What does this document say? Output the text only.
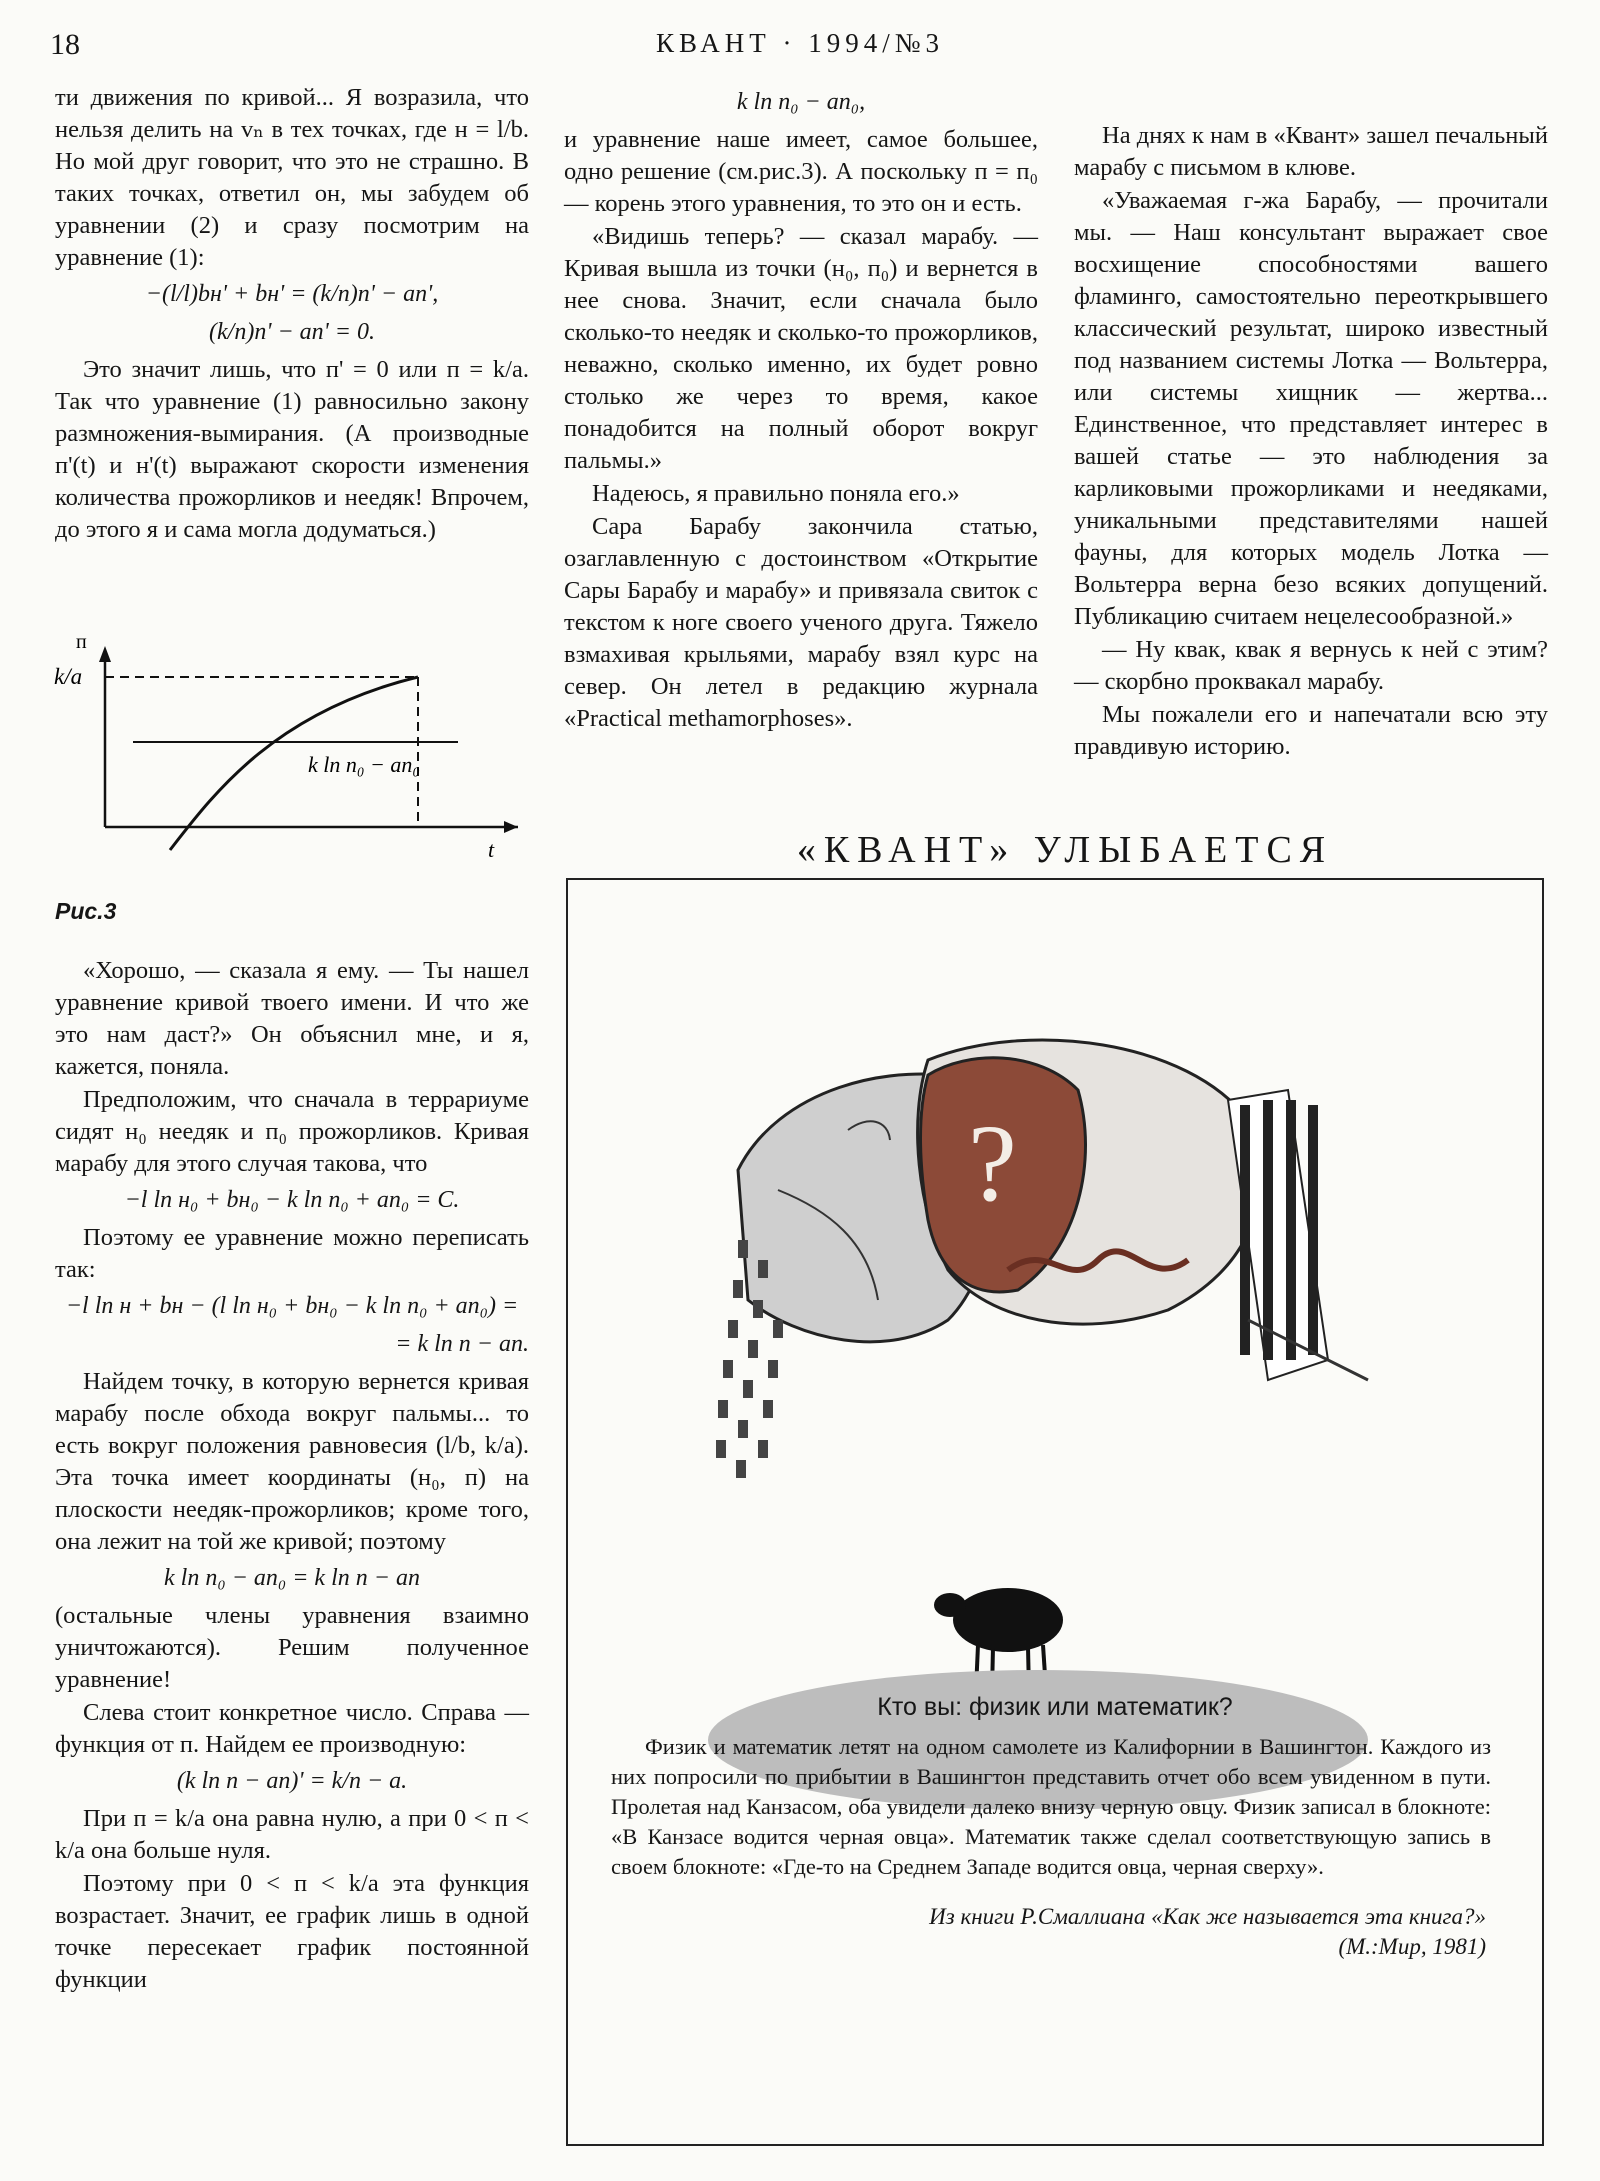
18	КВАНТ · 1994/№3

ти движения по кривой... Я возразила, что нельзя делить на vₙ в тех точках, где н = l/b. Но мой друг говорит, что это не страшно. В таких точках, ответил он, мы забудем об уравнении (2) и сразу посмотрим на уравнение (1):

−(l/l)bн' + bн' = (k/п)п' − aп',
(k/п)п' − aп' = 0.

Это значит лишь, что п' = 0 или п = k/a. Так что уравнение (1) равносильно закону размножения-вымирания. (А производные п'(t) и н'(t) выражают скорости изменения количества прожорликов и неедяк! Впрочем, до этого я и сама могла додуматься.)

п
k/a
t
k ln п₀ − aп₀
Рис.3

«Хорошо, — сказала я ему. — Ты нашел уравнение кривой твоего имени. И что же это нам даст?» Он объяснил мне, и я, кажется, поняла.

Предположим, что сначала в террариуме сидят н₀ неедяк и п₀ прожорликов. Кривая марабу для этого случая такова, что

−l ln н₀ + bн₀ − k ln п₀ + aп₀ = C.

Поэтому ее уравнение можно переписать так:

−l ln н + bн − (l ln н₀ + bн₀ − k ln п₀ + aп₀) =
= k ln п − aп.

Найдем точку, в которую вернется кривая марабу после обхода вокруг пальмы... то есть вокруг положения равновесия (l/b, k/a). Эта точка имеет координаты (н₀, п) на плоскости неедяк-прожорликов; кроме того, она лежит на той же кривой; поэтому

k ln п₀ − aп₀ = k ln п − aп

(остальные члены уравнения взаимно уничтожаются). Решим полученное уравнение!

Слева стоит конкретное число. Справа — функция от п. Найдем ее производную:

(k ln п − aп)' = k/п − a.

При п = k/a она равна нулю, а при 0 < п < k/a она больше нуля.

Поэтому при 0 < п < k/a эта функция возрастает. Значит, ее график лишь в одной точке пересекает график постоянной функции

k ln п₀ − aп₀,

и уравнение наше имеет, самое большее, одно решение (см.рис.3). А поскольку п = п₀ — корень этого уравнения, то это он и есть.

«Видишь теперь? — сказал марабу. — Кривая вышла из точки (н₀, п₀) и вернется в нее снова. Значит, если сначала было сколько-то неедяк и сколько-то прожорликов, неважно, сколько именно, их будет ровно столько же через то время, какое понадобится на полный оборот вокруг пальмы.»

Надеюсь, я правильно поняла его.»

Сара Барабу закончила статью, озаглавленную с достоинством «Открытие Сары Барабу и марабу» и привязала свиток с текстом к ноге своего ученого друга. Тяжело взмахивая крыльями, марабу взял курс на север. Он летел в редакцию журнала «Practical methamorphoses».

На днях к нам в «Квант» зашел печальный марабу с письмом в клюве.

«Уважаемая г-жа Барабу, — прочитали мы. — Наш консультант выражает свое восхищение способностями вашего фламинго, самостоятельно переоткрывшего классический результат, широко известный под названием системы Лотка — Вольтерра, или системы хищник — жертва... Единственное, что представляет интерес в вашей статье — это наблюдения за карликовыми прожорликами и неедяками, уникальными представителями нашей фауны, для которых модель Лотка — Вольтерра верна безо всяких допущений. Публикацию считаем нецелесообразной.»

— Ну квак, квак я вернусь к ней с этим? — скорбно проквакал марабу.

Мы пожалели его и напечатали всю эту правдивую историю.

«КВАНТ» УЛЫБАЕТСЯ
?
Кто вы: физик или математик?
Физик и математик летят на одном самолете из Калифорнии в Вашингтон. Каждого из них попросили по прибытии в Вашингтон представить отчет обо всем увиденном в пути. Пролетая над Канзасом, оба увидели далеко внизу черную овцу. Физик записал в блокноте: «В Канзасе водится черная овца». Математик также сделал соответствующую запись в своем блокноте: «Где-то на Среднем Западе водится овца, черная сверху».
Из книги Р.Смаллиана «Как же называется эта книга?»
(М.:Мир, 1981)
